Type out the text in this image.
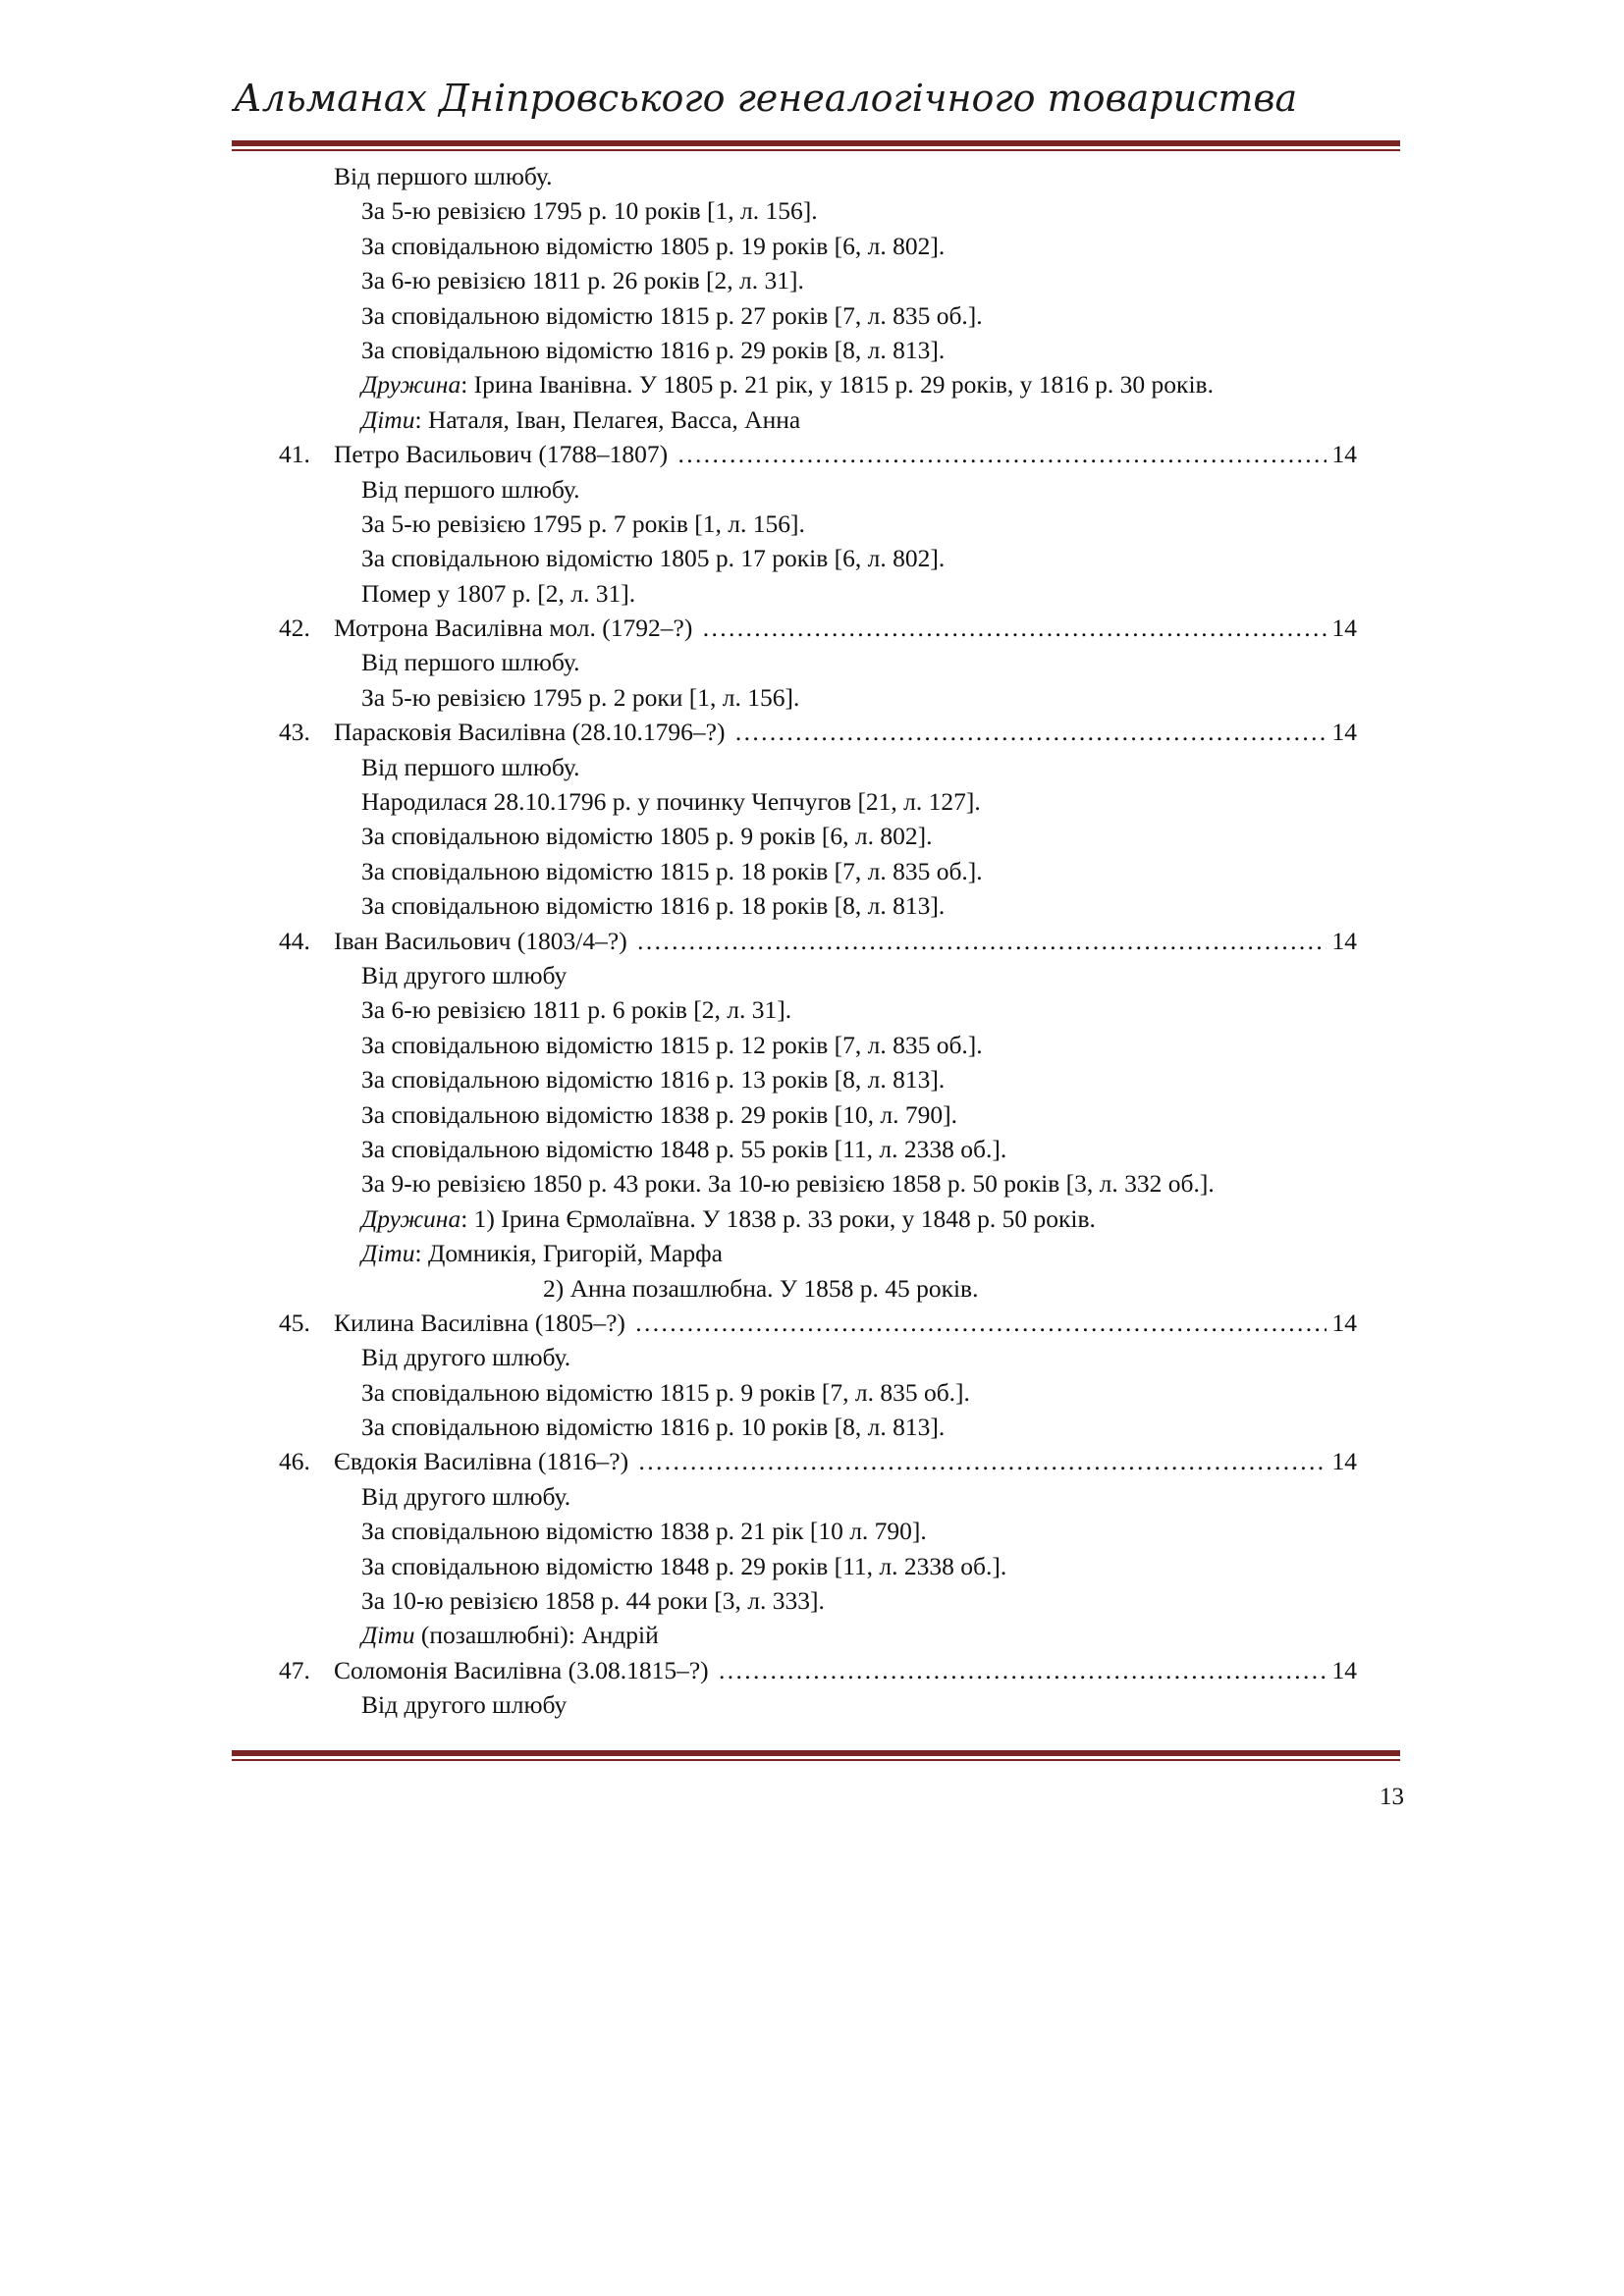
Альманах Дніпровського генеалогічного товариства
Від першого шлюбу.
За 5-ю ревізією 1795 р. 10 років [1, л. 156].
За сповідальною відомістю 1805 р. 19 років [6, л. 802].
За 6-ю ревізією 1811 р. 26 років [2, л. 31].
За сповідальною відомістю 1815 р. 27 років [7, л. 835 об.].
За сповідальною відомістю 1816 р. 29 років [8, л. 813].
Дружина: Ірина Іванівна. У 1805 р. 21 рік, у 1815 р. 29 років, у 1816 р. 30 років.
Діти: Наталя, Іван, Пелагея, Васса, Анна
41. Петро Васильович (1788–1807) . . .	14
Від першого шлюбу.
За 5-ю ревізією 1795 р. 7 років [1, л. 156].
За сповідальною відомістю 1805 р. 17 років [6, л. 802].
Помер у 1807 р. [2, л. 31].
42. Мотрона Василівна мол. (1792–?) . . .	14
Від першого шлюбу.
За 5-ю ревізією 1795 р. 2 роки [1, л. 156].
43. Парасковія Василівна (28.10.1796–?) . . .	14
Від першого шлюбу.
Народилася 28.10.1796 р. у починку Чепчугов [21, л. 127].
За сповідальною відомістю 1805 р. 9 років [6, л. 802].
За сповідальною відомістю 1815 р. 18 років [7, л. 835 об.].
За сповідальною відомістю 1816 р. 18 років [8, л. 813].
44. Іван Васильович (1803/4–?) . . .	14
Від другого шлюбу
За 6-ю ревізією 1811 р. 6 років [2, л. 31].
За сповідальною відомістю 1815 р. 12 років [7, л. 835 об.].
За сповідальною відомістю 1816 р. 13 років [8, л. 813].
За сповідальною відомістю 1838 р. 29 років [10, л. 790].
За сповідальною відомістю 1848 р. 55 років [11, л. 2338 об.].
За 9-ю ревізією 1850 р. 43 роки. За 10-ю ревізією 1858 р. 50 років [3, л. 332 об.].
Дружина: 1) Ірина Єрмолаївна. У 1838 р. 33 роки, у 1848 р. 50 років.
Діти: Домникія, Григорій, Марфа
2) Анна позашлюбна. У 1858 р. 45 років.
45. Килина Василівна (1805–?) . . .	14
Від другого шлюбу.
За сповідальною відомістю 1815 р. 9 років [7, л. 835 об.].
За сповідальною відомістю 1816 р. 10 років [8, л. 813].
46. Євдокія Василівна (1816–?) . . .	14
Від другого шлюбу.
За сповідальною відомістю 1838 р. 21 рік [10 л. 790].
За сповідальною відомістю 1848 р. 29 років [11, л. 2338 об.].
За 10-ю ревізією 1858 р. 44 роки [3, л. 333].
Діти (позашлюбні): Андрій
47. Соломонія Василівна (3.08.1815–?) . . .	14
Від другого шлюбу
13
